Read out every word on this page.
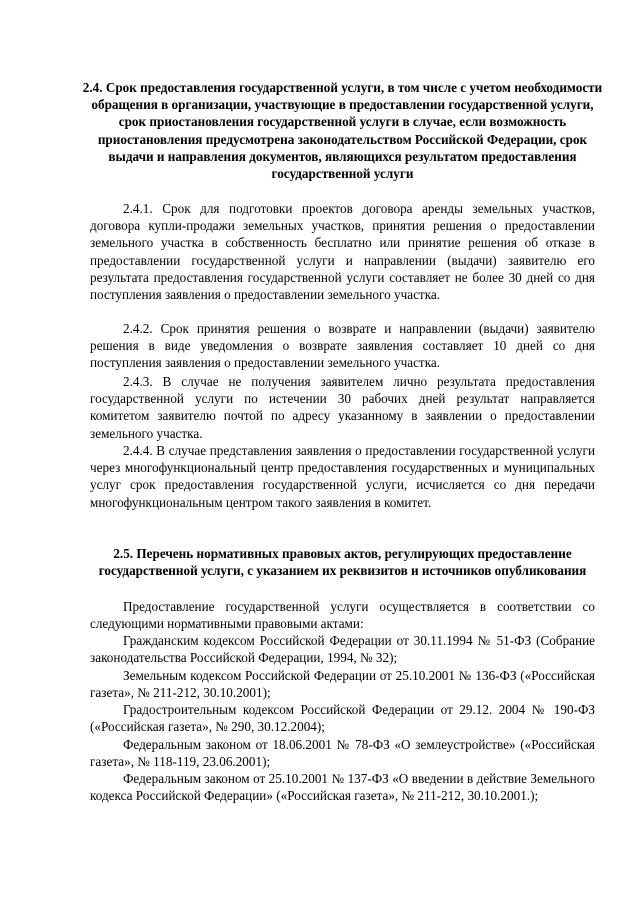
2.4. Срок предоставления государственной услуги, в том числе с учетом необходимости обращения в организации, участвующие в предоставлении государственной услуги, срок приостановления государственной услуги в случае, если возможность приостановления предусмотрена законодательством Российской Федерации, срок выдачи и направления документов, являющихся результатом предоставления государственной услуги

2.4.1. Срок для подготовки проектов договора аренды земельных участков, договора купли-продажи земельных участков, принятия решения о предоставлении земельного участка в собственность бесплатно или принятие решения об отказе в предоставлении государственной услуги и направлении (выдачи) заявителю его результата предоставления государственной услуги составляет не более 30 дней со дня поступления заявления о предоставлении земельного участка.

2.4.2. Срок принятия решения о возврате и направлении (выдачи) заявителю решения в виде уведомления о возврате заявления составляет 10 дней со дня поступления заявления о предоставлении земельного участка.

2.4.3. В случае не получения заявителем лично результата предоставления государственной услуги по истечении 30 рабочих дней результат направляется комитетом заявителю почтой по адресу указанному в заявлении о предоставлении земельного участка.

2.4.4. В случае представления заявления о предоставлении государственной услуги через многофункциональный центр предоставления государственных и муниципальных услуг срок предоставления государственной услуги, исчисляется со дня передачи многофункциональным центром такого заявления в комитет.

2.5. Перечень нормативных правовых актов, регулирующих предоставление государственной услуги, с указанием их реквизитов и источников опубликования

Предоставление государственной услуги осуществляется в соответствии со следующими нормативными правовыми актами:

Гражданским кодексом Российской Федерации от 30.11.1994 № 51-ФЗ (Собрание законодательства Российской Федерации, 1994, № 32);

Земельным кодексом Российской Федерации от 25.10.2001 № 136-ФЗ («Российская газета», № 211-212, 30.10.2001);

Градостроительным кодексом Российской Федерации от 29.12. 2004 № 190-ФЗ («Российская газета», № 290, 30.12.2004);

Федеральным законом от 18.06.2001 № 78-ФЗ «О землеустройстве» («Российская газета», № 118-119, 23.06.2001);

Федеральным законом от 25.10.2001 № 137-ФЗ «О введении в действие Земельного кодекса Российской Федерации» («Российская газета», № 211-212, 30.10.2001.);
